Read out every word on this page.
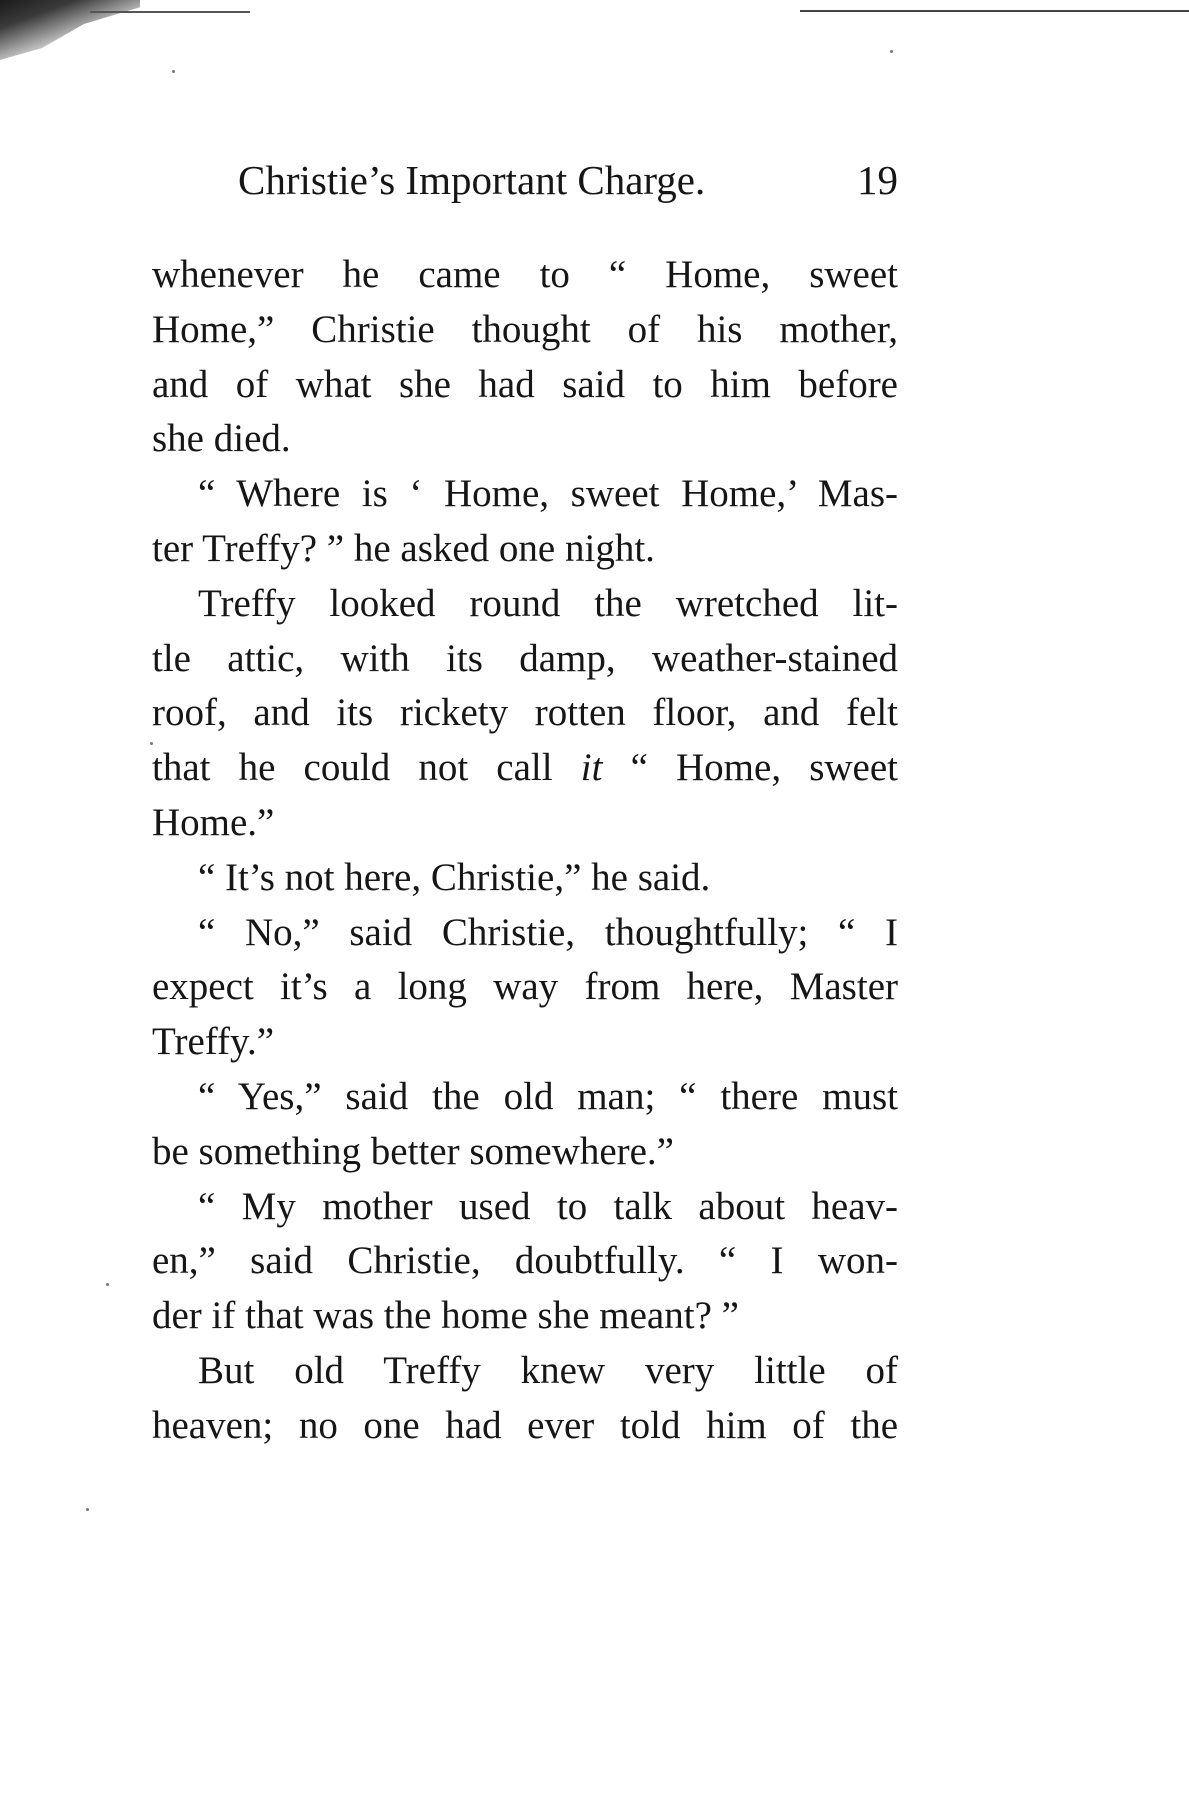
Christie’s Important Charge.	19
whenever he came to “ Home, sweet
Home,” Christie thought of his mother,
and of what she had said to him before
she died.
“ Where is ‘ Home, sweet Home,’ Mas-
ter Treffy? ” he asked one night.
Treffy looked round the wretched lit-
tle attic, with its damp, weather-stained
roof, and its rickety rotten floor, and felt
that he could not call it “ Home, sweet
Home.”
“ It’s not here, Christie,” he said.
“ No,” said Christie, thoughtfully; “ I
expect it’s a long way from here, Master
Treffy.”
“ Yes,” said the old man; “ there must
be something better somewhere.”
“ My mother used to talk about heav-
en,” said Christie, doubtfully. “ I won-
der if that was the home she meant? ”
But old Treffy knew very little of
heaven; no one had ever told him of the
